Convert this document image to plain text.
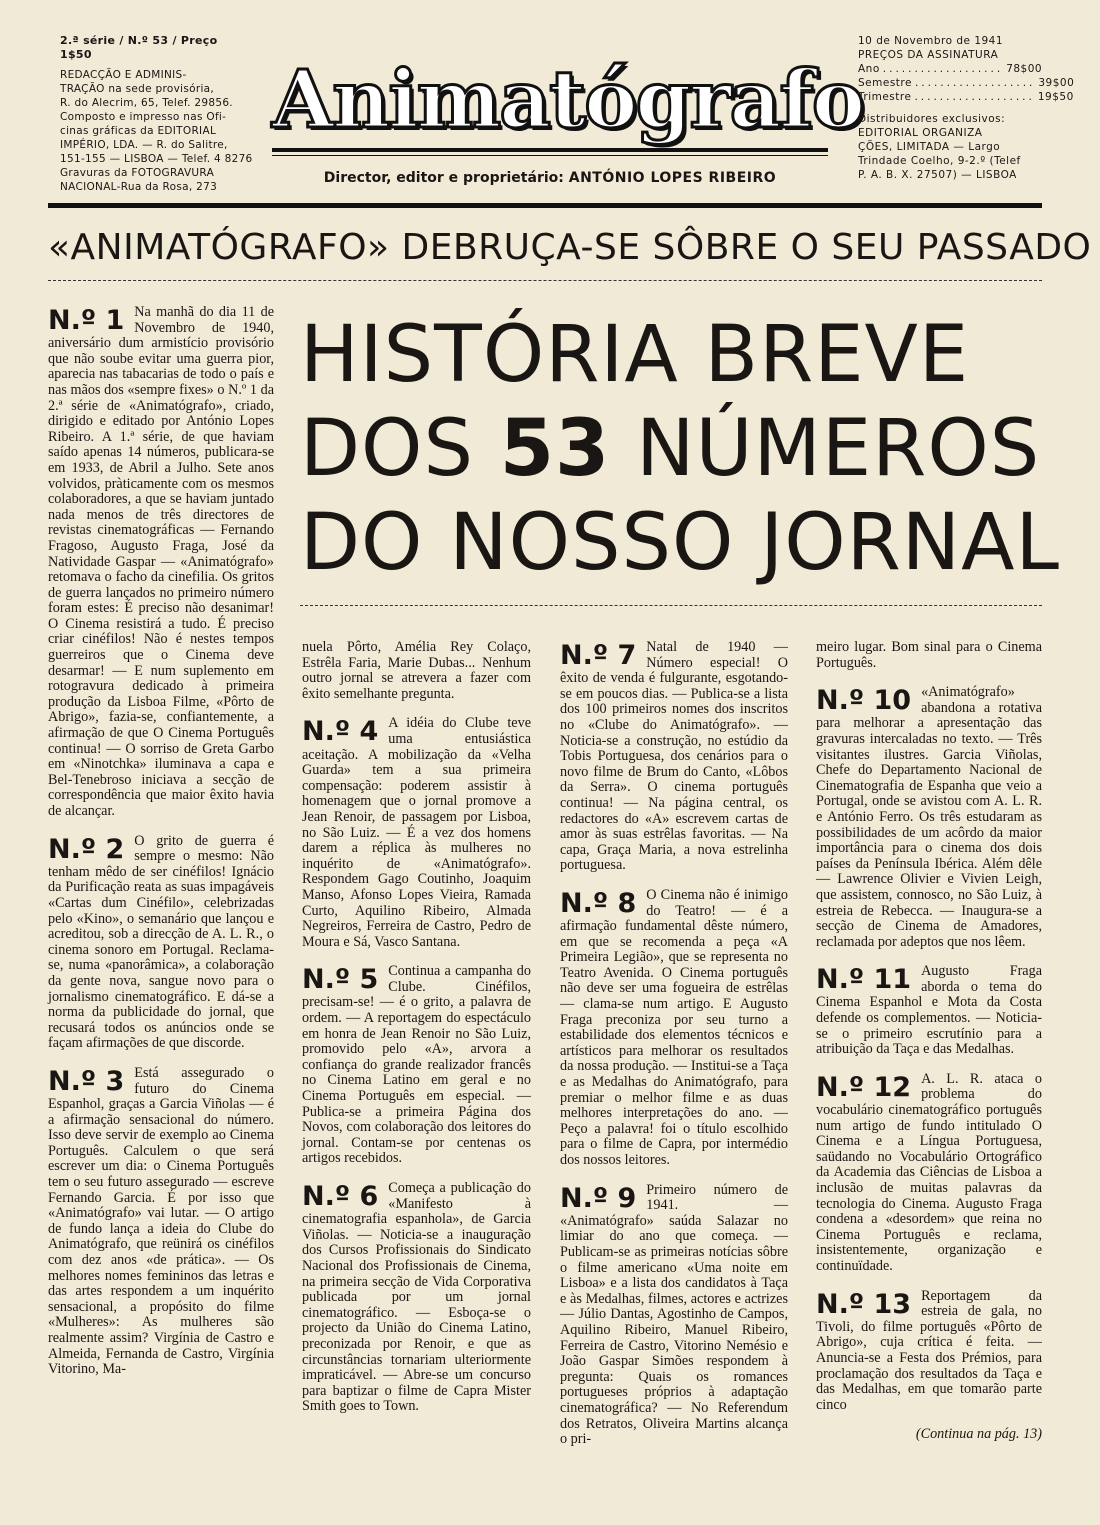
2.ª série / N.º 53 / Preço 1$50
REDACÇÃO E ADMINIS-
TRAÇÃO na sede provisória,
R. do Alecrim, 65, Telef. 29856.
Composto e impresso nas Ofi-
cinas gráficas da EDITORIAL
IMPÉRIO, LDA. — R. do Salitre,
151-155 — LISBOA — Telef. 4 8276
Gravuras da FOTOGRAVURA
NACIONAL-Rua da Rosa, 273
Animatógrafo
Director, editor e proprietário: ANTÓNIO LOPES RIBEIRO
10 de Novembro de 1941
PREÇOS DA ASSINATURA
Ano ................... 78$00
Semestre ................... 39$00
Trimestre ................... 19$50
Distribuidores exclusivos:
EDITORIAL ORGANIZA
ÇÕES, LIMITADA — Largo
Trindade Coelho, 9-2.º (Telef
P. A. B. X. 27507) — LISBOA
«ANIMATÓGRAFO» DEBRUÇA-SE SÔBRE O SEU PASSADO
HISTÓRIA BREVE
DOS 53 NÚMEROS
DO NOSSO JORNAL
N.º 1 Na manhã do dia 11 de Novembro de 1940, aniversário dum armistício provisório que não soube evitar uma guerra pior, aparecia nas tabacarias de todo o país e nas mãos dos «sempre fixes» o N.º 1 da 2.ª série de «Animatógrafo», criado, dirigido e editado por António Lopes Ribeiro. A 1.ª série, de que haviam saído apenas 14 números, publicara-se em 1933, de Abril a Julho. Sete anos volvidos, pràticamente com os mesmos colaboradores, a que se haviam juntado nada menos de três directores de revistas cinematográficas — Fernando Fragoso, Augusto Fraga, José da Natividade Gaspar — «Animatógrafo» retomava o facho da cinefilia. Os gritos de guerra lançados no primeiro número foram estes: É preciso não desanimar! O Cinema resistirá a tudo. É preciso criar cinéfilos! Não é nestes tempos guerreiros que o Cinema deve desarmar! — E num suplemento em rotogravura dedicado à primeira produção da Lisboa Filme, «Pôrto de Abrigo», fazia-se, confiantemente, a afirmação de que O Cinema Português continua! — O sorriso de Greta Garbo em «Ninotchka» iluminava a capa e Bel-Tenebroso iniciava a secção de correspondência que maior êxito havia de alcançar.

N.º 2 O grito de guerra é sempre o mesmo: Não tenham mêdo de ser cinéfilos! Ignácio da Purificação reata as suas impagáveis «Cartas dum Cinéfilo», celebrizadas pelo «Kino», o semanário que lançou e acreditou, sob a direcção de A. L. R., o cinema sonoro em Portugal. Reclama-se, numa «panorâmica», a colaboração da gente nova, sangue novo para o jornalismo cinematográfico. E dá-se a norma da publicidade do jornal, que recusará todos os anúncios onde se façam afirmações de que discorde.

N.º 3 Está assegurado o futuro do Cinema Espanhol, graças a Garcia Viñolas — é a afirmação sensacional do número. Isso deve servir de exemplo ao Cinema Português. Calculem o que será escrever um dia: o Cinema Português tem o seu futuro assegurado — escreve Fernando Garcia. É por isso que «Animatógrafo» vai lutar. — O artigo de fundo lança a ideia do Clube do Animatógrafo, que reünirá os cinéfilos com dez anos «de prática». — Os melhores nomes femininos das letras e das artes respondem a um inquérito sensacional, a propósito do filme «Mulheres»: As mulheres são realmente assim? Virgínia de Castro e Almeida, Fernanda de Castro, Virgínia Vitorino, Ma-

nuela Pôrto, Amélia Rey Colaço, Estrêla Faria, Marie Dubas... Nenhum outro jornal se atrevera a fazer com êxito semelhante pregunta.

N.º 4 A idéia do Clube teve uma entusiástica aceitação. A mobilização da «Velha Guarda» tem a sua primeira compensação: poderem assistir à homenagem que o jornal promove a Jean Renoir, de passagem por Lisboa, no São Luiz. — É a vez dos homens darem a réplica às mulheres no inquérito de «Animatógrafo». Respondem Gago Coutinho, Joaquim Manso, Afonso Lopes Vieira, Ramada Curto, Aquilino Ribeiro, Almada Negreiros, Ferreira de Castro, Pedro de Moura e Sá, Vasco Santana.

N.º 5 Continua a campanha do Clube. Cinéfilos, precisam-se! — é o grito, a palavra de ordem. — A reportagem do espectáculo em honra de Jean Renoir no São Luiz, promovido pelo «A», arvora a confiança do grande realizador francês no Cinema Latino em geral e no Cinema Português em especial. — Publica-se a primeira Página dos Novos, com colaboração dos leitores do jornal. Contam-se por centenas os artigos recebidos.

N.º 6 Começa a publicação do «Manifesto à cinematografia espanhola», de Garcia Viñolas. — Noticia-se a inauguração dos Cursos Profissionais do Sindicato Nacional dos Profissionais de Cinema, na primeira secção de Vida Corporativa publicada por um jornal cinematográfico. — Esboça-se o projecto da União do Cinema Latino, preconizada por Renoir, e que as circunstâncias tornariam ulteriormente impraticável. — Abre-se um concurso para baptizar o filme de Capra Mister Smith goes to Town.

N.º 7 Natal de 1940 — Número especial! O êxito de venda é fulgurante, esgotando-se em poucos dias. — Publica-se a lista dos 100 primeiros nomes dos inscritos no «Clube do Animatógrafo». — Noticia-se a construção, no estúdio da Tobis Portuguesa, dos cenários para o novo filme de Brum do Canto, «Lôbos da Serra». O cinema português continua! — Na página central, os redactores do «A» escrevem cartas de amor às suas estrêlas favoritas. — Na capa, Graça Maria, a nova estrelinha portuguesa.

N.º 8 O Cinema não é inimigo do Teatro! — é a afirmação fundamental dêste número, em que se recomenda a peça «A Primeira Legião», que se representa no Teatro Avenida. O Cinema português não deve ser uma fogueira de estrêlas — clama-se num artigo. E Augusto Fraga preconiza por seu turno a estabilidade dos elementos técnicos e artísticos para melhorar os resultados da nossa produção. — Institui-se a Taça e as Medalhas do Animatógrafo, para premiar o melhor filme e as duas melhores interpretações do ano. — Peço a palavra! foi o título escolhido para o filme de Capra, por intermédio dos nossos leitores.

N.º 9 Primeiro número de 1941. — «Animatógrafo» saúda Salazar no limiar do ano que começa. — Publicam-se as primeiras notícias sôbre o filme americano «Uma noite em Lisboa» e a lista dos candidatos à Taça e às Medalhas, filmes, actores e actrizes — Júlio Dantas, Agostinho de Campos, Aquilino Ribeiro, Manuel Ribeiro, Ferreira de Castro, Vitorino Nemésio e João Gaspar Simões respondem à pregunta: Quais os romances portugueses próprios à adaptação cinematográfica? — No Referendum dos Retratos, Oliveira Martins alcança o pri-

meiro lugar. Bom sinal para o Cinema Português.

N.º 10 «Animatógrafo» abandona a rotativa para melhorar a apresentação das gravuras intercaladas no texto. — Três visitantes ilustres. Garcia Viñolas, Chefe do Departamento Nacional de Cinematografia de Espanha que veio a Portugal, onde se avistou com A. L. R. e António Ferro. Os três estudaram as possibilidades de um acôrdo da maior importância para o cinema dos dois países da Península Ibérica. Além dêle — Lawrence Olivier e Vivien Leigh, que assistem, connosco, no São Luiz, à estreia de Rebecca. — Inaugura-se a secção de Cinema de Amadores, reclamada por adeptos que nos lêem.

N.º 11 Augusto Fraga aborda o tema do Cinema Espanhol e Mota da Costa defende os complementos. — Noticia-se o primeiro escrutínio para a atribuição da Taça e das Medalhas.

N.º 12 A. L. R. ataca o problema do vocabulário cinematográfico português num artigo de fundo intitulado O Cinema e a Língua Portuguesa, saüdando no Vocabulário Ortográfico da Academia das Ciências de Lisboa a inclusão de muitas palavras da tecnologia do Cinema. Augusto Fraga condena a «desordem» que reina no Cinema Português e reclama, insistentemente, organização e continuïdade.

N.º 13 Reportagem da estreia de gala, no Tivoli, do filme português «Pôrto de Abrigo», cuja crítica é feita. — Anuncia-se a Festa dos Prémios, para proclamação dos resultados da Taça e das Medalhas, em que tomarão parte cinco

(Continua na pág. 13)
